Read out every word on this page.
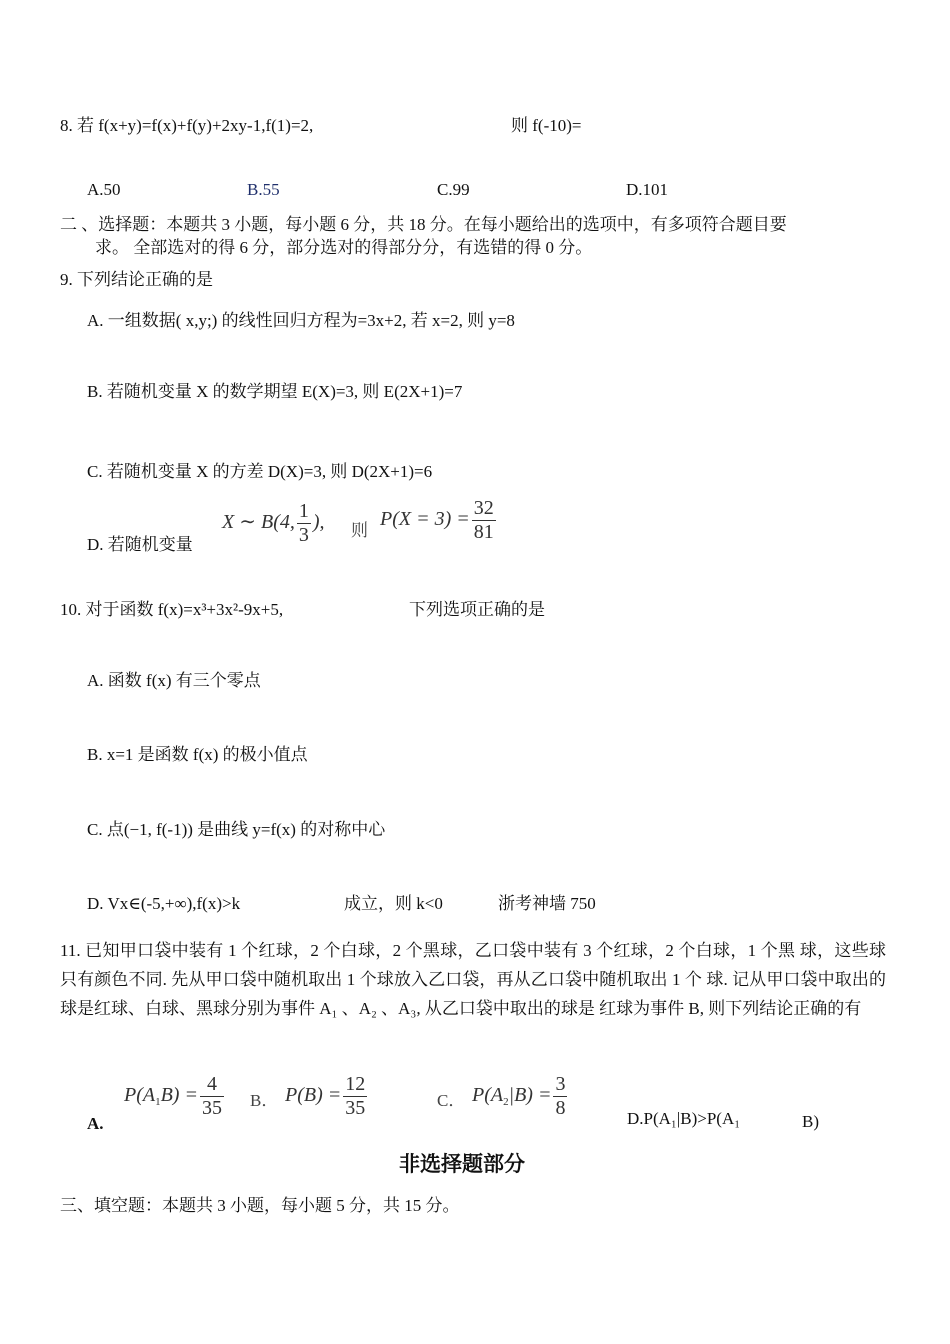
8. 若 f(x+y)=f(x)+f(y)+2xy-1,f(1)=2,	则 f(-10)=
A.50	B.55	C.99	D.101
二 、选择题：本题共 3 小题，每小题 6 分，共 18 分。在每小题给出的选项中，有多项符合题目要
求。 全部选对的得 6 分，部分选对的得部分分，有选错的得 0 分。
9. 下列结论正确的是
A. 一组数据( x,y;) 的线性回归方程为=3x+2, 若 x=2, 则 y=8
B. 若随机变量 X 的数学期望 E(X)=3, 则 E(2X+1)=7
C. 若随机变量 X 的方差 D(X)=3, 则 D(2X+1)=6
D. 若随机变量
X ∼ B(4, $\frac{1}{3}$ ), 则
$P(X = 3) = \frac{32}{81}$
10. 对于函数 f(x)=x³+3x²-9x+5,	下列选项正确的是
A. 函数 f(x) 有三个零点
B. x=1 是函数 f(x) 的极小值点
C. 点(−1, f(-1)) 是曲线 y=f(x) 的对称中心
D. Vx∈(-5,+∞),f(x)>k	成立，则 k<0	浙考神墙 750
11. 已知甲口袋中装有 1 个红球，2 个白球，2 个黑球，乙口袋中装有 3 个红球，2 个白球，1 个黑 球，这些球只有颜色不同. 先从甲口袋中随机取出 1 个球放入乙口袋，再从乙口袋中随机取出 1 个 球. 记从甲口袋中取出的球是红球、白球、黑球分别为事件 A₁ 、A₂ 、A₃, 从乙口袋中取出的球是 红球为事件 B, 则下列结论正确的有
A.
$P(A_1B) = \frac{4}{35}$ B． $P(B) = \frac{12}{35}$	C． $P(A_2|B) = \frac{3}{8}$	D.P(A₁|B)>P(A₁	B)
非选择题部分
三、填空题：本题共 3 小题，每小题 5 分，共 15 分。
